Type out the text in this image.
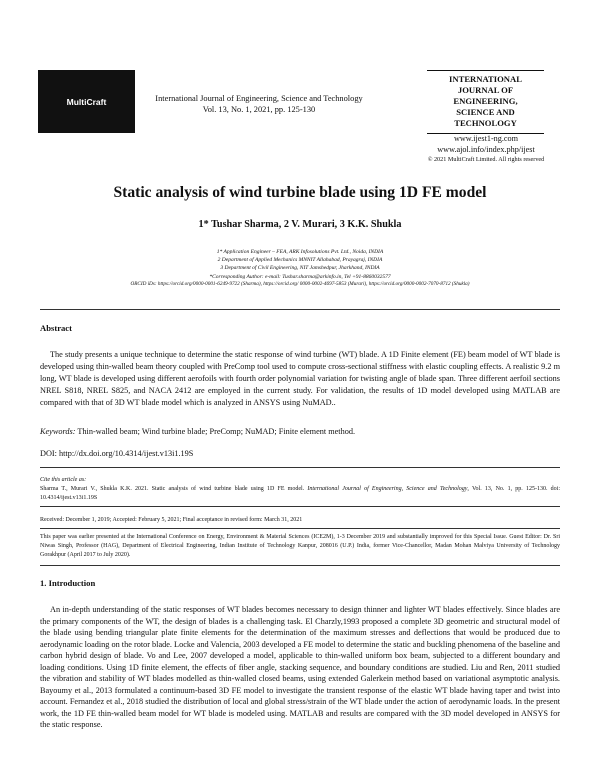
MultiCraft	International Journal of Engineering, Science and Technology
Vol. 13, No. 1, 2021, pp. 125-130
INTERNATIONAL
JOURNAL OF
ENGINEERING,
SCIENCE AND
TECHNOLOGY
www.ijest1-ng.com
www.ajol.info/index.php/ijest
© 2021 MultiCraft Limited. All rights reserved
Static analysis of wind turbine blade using 1D FE model
1* Tushar Sharma, 2 V. Murari, 3 K.K. Shukla
1* Application Engineer – FEA, ARK Infosolutions Pvt. Ltd., Noida, INDIA
2 Department of Applied Mechanics MNNIT Allahabad, Prayagraj, INDIA
3 Department of Civil Engineering, NIT Jamshedpur, Jharkhand, INDIA
*Corresponding Author: e-mail: Tushar.sharma@arkinfo.in, Tel +91-8860032577
ORCID iDs: https://orcid.org/0000-0001-6249-9722 (Sharma), https://orcid.org/ 0000-0002-4697-5853 (Murari), https://orcid.org/0000-0002-7070-8712 (Shukla)
Abstract
The study presents a unique technique to determine the static response of wind turbine (WT) blade. A 1D Finite element (FE) beam model of WT blade is developed using thin-walled beam theory coupled with PreComp tool used to compute cross-sectional stiffness with elastic coupling effects. A realistic 9.2 m long, WT blade is developed using different aerofoils with fourth order polynomial variation for twisting angle of blade span. Three different aerfoil sections NREL S818, NREL S825, and NACA 2412 are employed in the current study. For validation, the results of 1D model developed using MATLAB are compared with that of 3D WT blade model which is analyzed in ANSYS using NuMAD..
Keywords: Thin-walled beam; Wind turbine blade; PreComp; NuMAD; Finite element method.
DOI: http://dx.doi.org/10.4314/ijest.v13i1.19S
Cite this article as:
Sharma T., Murari V., Shukla K.K. 2021. Static analysis of wind turbine blade using 1D FE model. International Journal of Engineering, Science and Technology, Vol. 13, No. 1, pp. 125-130. doi: 10.4314/ijest.v13i1.19S
Received: December 1, 2019; Accepted: February 5, 2021; Final acceptance in revised form: March 31, 2021
This paper was earlier presented at the International Conference on Energy, Environment & Material Sciences (ICE2M), 1-3 December 2019 and substantially improved for this Special Issue. Guest Editor: Dr. Sri Niwas Singh, Professor (HAG), Department of Electrical Engineering, Indian Institute of Technology Kanpur, 208016 (U.P.) India, former Vice-Chancellor, Madan Mohan Malviya University of Technology Gorakhpur (April 2017 to July 2020).
1. Introduction
An in-depth understanding of the static responses of WT blades becomes necessary to design thinner and lighter WT blades effectively. Since blades are the primary components of the WT, the design of blades is a challenging task. El Charzly,1993 proposed a complete 3D geometric and structural model of the blade using bending triangular plate finite elements for the determination of the maximum stresses and deflections that would be produced due to aerodynamic loading on the rotor blade. Locke and Valencia, 2003 developed a FE model to determine the static and buckling phenomena of the baseline and carbon hybrid design of blade. Vo and Lee, 2007 developed a model, applicable to thin-walled uniform box beam, subjected to a different boundary and loading conditions. Using 1D finite element, the effects of fiber angle, stacking sequence, and boundary conditions are studied. Liu and Ren, 2011 studied the vibration and stability of WT blades modelled as thin-walled closed beams, using extended Galerkein method based on variational asymptotic analysis. Bayoumy et al., 2013 formulated a continuum-based 3D FE model to investigate the transient response of the elastic WT blade having taper and twist into account. Fernandez et al., 2018 studied the distribution of local and global stress/strain of the WT blade under the action of aerodynamic loads. In the present work, the 1D FE thin-walled beam model for WT blade is modeled using. MATLAB and results are compared with the 3D model developed in ANSYS for the static response.
